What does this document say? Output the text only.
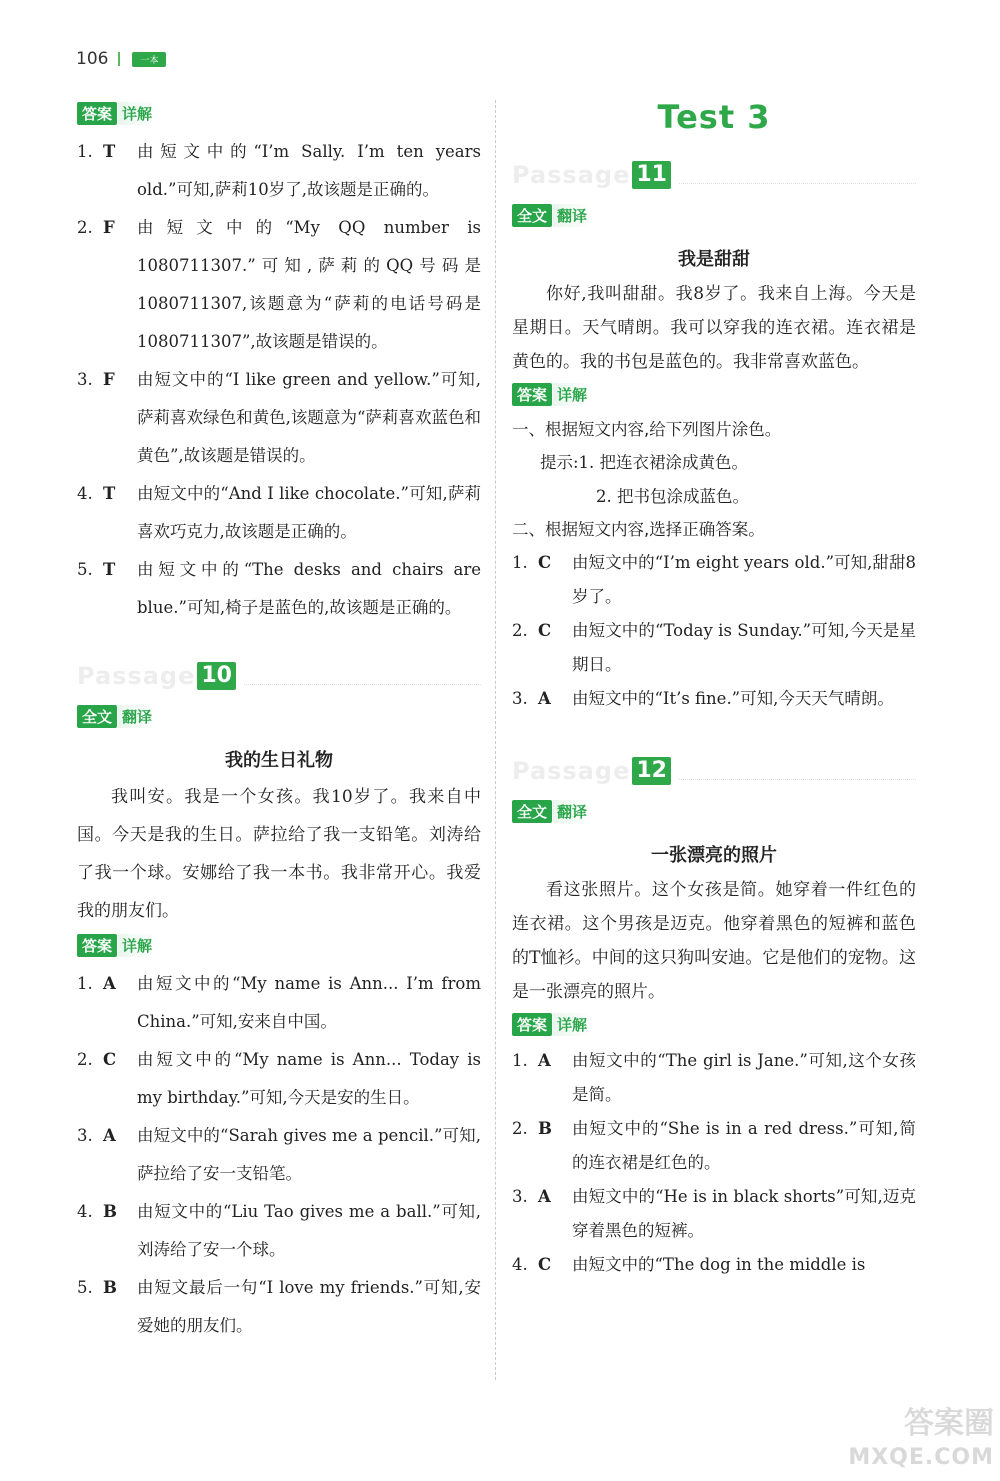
106	一本
答案 详解
1. T	由短文中的“I’m Sally. I’m ten years old.”可知,萨莉10岁了,故该题是正确的。
2. F	由短文中的“My QQ number is 1080711307.”可知,萨莉的QQ号码是1080711307,该题意为“萨莉的电话号码是1080711307”,故该题是错误的。
3. F	由短文中的“I like green and yellow.”可知,萨莉喜欢绿色和黄色,该题意为“萨莉喜欢蓝色和黄色”,故该题是错误的。
4. T	由短文中的“And I like chocolate.”可知,萨莉喜欢巧克力,故该题是正确的。
5. T	由短文中的“The desks and chairs are blue.”可知,椅子是蓝色的,故该题是正确的。
Passage 10
全文 翻译
我的生日礼物
我叫安。我是一个女孩。我10岁了。我来自中国。今天是我的生日。萨拉给了我一支铅笔。刘涛给了我一个球。安娜给了我一本书。我非常开心。我爱我的朋友们。
答案 详解
1. A	由短文中的“My name is Ann... I’m from China.”可知,安来自中国。
2. C	由短文中的“My name is Ann... Today is my birthday.”可知,今天是安的生日。
3. A	由短文中的“Sarah gives me a pencil.”可知,萨拉给了安一支铅笔。
4. B	由短文中的“Liu Tao gives me a ball.”可知,刘涛给了安一个球。
5. B	由短文最后一句“I love my friends.”可知,安爱她的朋友们。
Test 3
Passage 11
全文 翻译
我是甜甜
你好,我叫甜甜。我8岁了。我来自上海。今天是星期日。天气晴朗。我可以穿我的连衣裙。连衣裙是黄色的。我的书包是蓝色的。我非常喜欢蓝色。
答案 详解
一、根据短文内容,给下列图片涂色。
提示:1. 把连衣裙涂成黄色。
2. 把书包涂成蓝色。
二、根据短文内容,选择正确答案。
1. C	由短文中的“I’m eight years old.”可知,甜甜8岁了。
2. C	由短文中的“Today is Sunday.”可知,今天是星期日。
3. A	由短文中的“It’s fine.”可知,今天天气晴朗。
Passage 12
全文 翻译
一张漂亮的照片
看这张照片。这个女孩是简。她穿着一件红色的连衣裙。这个男孩是迈克。他穿着黑色的短裤和蓝色的T恤衫。中间的这只狗叫安迪。它是他们的宠物。这是一张漂亮的照片。
答案 详解
1. A	由短文中的“The girl is Jane.”可知,这个女孩是简。
2. B	由短文中的“She is in a red dress.”可知,简的连衣裙是红色的。
3. A	由短文中的“He is in black shorts”可知,迈克穿着黑色的短裤。
4. C	由短文中的“The dog in the middle is
答案圈
MXQE.COM
